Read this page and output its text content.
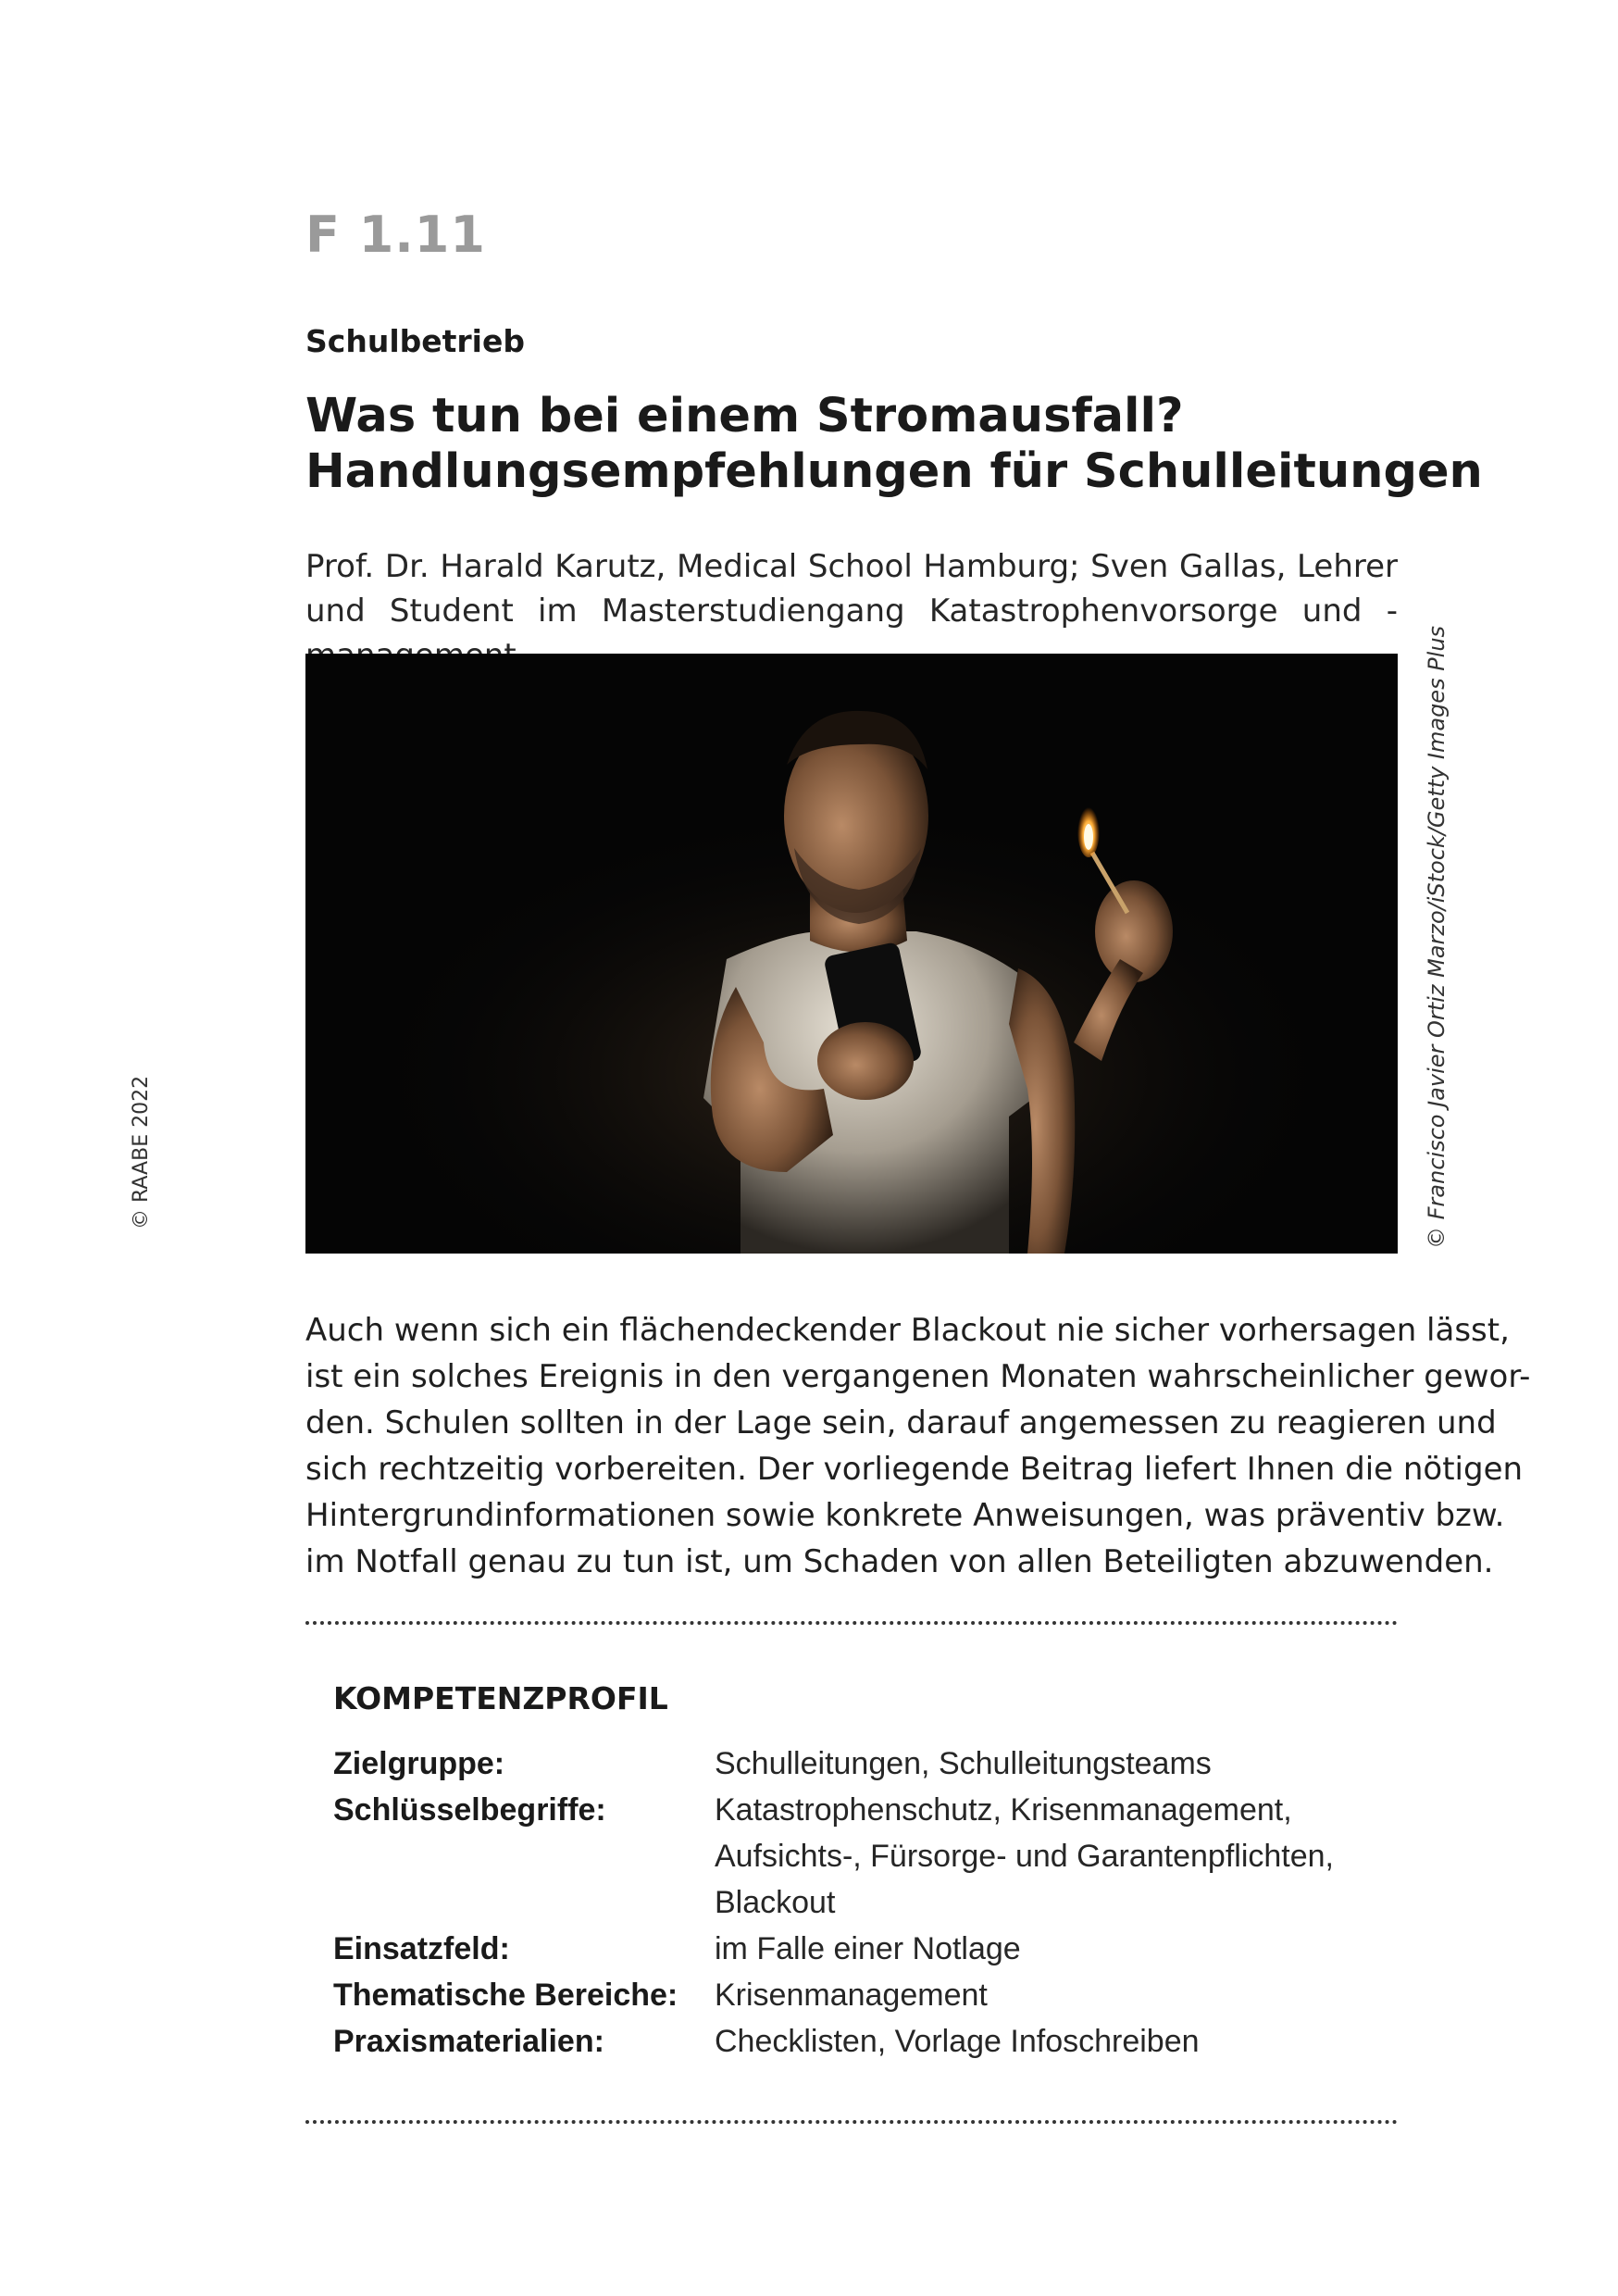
F 1.11
Schulbetrieb
Was tun bei einem Stromausfall?
Handlungsempfehlungen für Schulleitungen
Prof. Dr. Harald Karutz, Medical School Hamburg; Sven Gallas, Lehrer und Student im Masterstudiengang Katastrophenvorsorge und -
© Francisco Javier Ortiz Marzo/iStock/Getty Images Plus
© RAABE 2022
Auch wenn sich ein flächendeckender Blackout nie sicher vorhersagen lässt,
ist ein solches Ereignis in den vergangenen Monaten wahrscheinlicher gewor-
den. Schulen sollten in der Lage sein, darauf angemessen zu reagieren und
sich rechtzeitig vorbereiten. Der vorliegende Beitrag liefert Ihnen die nötigen
Hintergrundinformationen sowie konkrete Anweisungen, was präventiv bzw.
im Notfall genau zu tun ist, um Schaden von allen Beteiligten abzuwenden.
KOMPETENZPROFIL
Zielgruppe:	Schulleitungen, Schulleitungsteams
Schlüsselbegriffe:	Katastrophenschutz, Krisenmanagement,
Aufsichts-, Fürsorge- und Garantenpflichten,
Blackout
Einsatzfeld:	im Falle einer Notlage
Thematische Bereiche:	Krisenmanagement
Praxismaterialien:	Checklisten, Vorlage Infoschreiben
